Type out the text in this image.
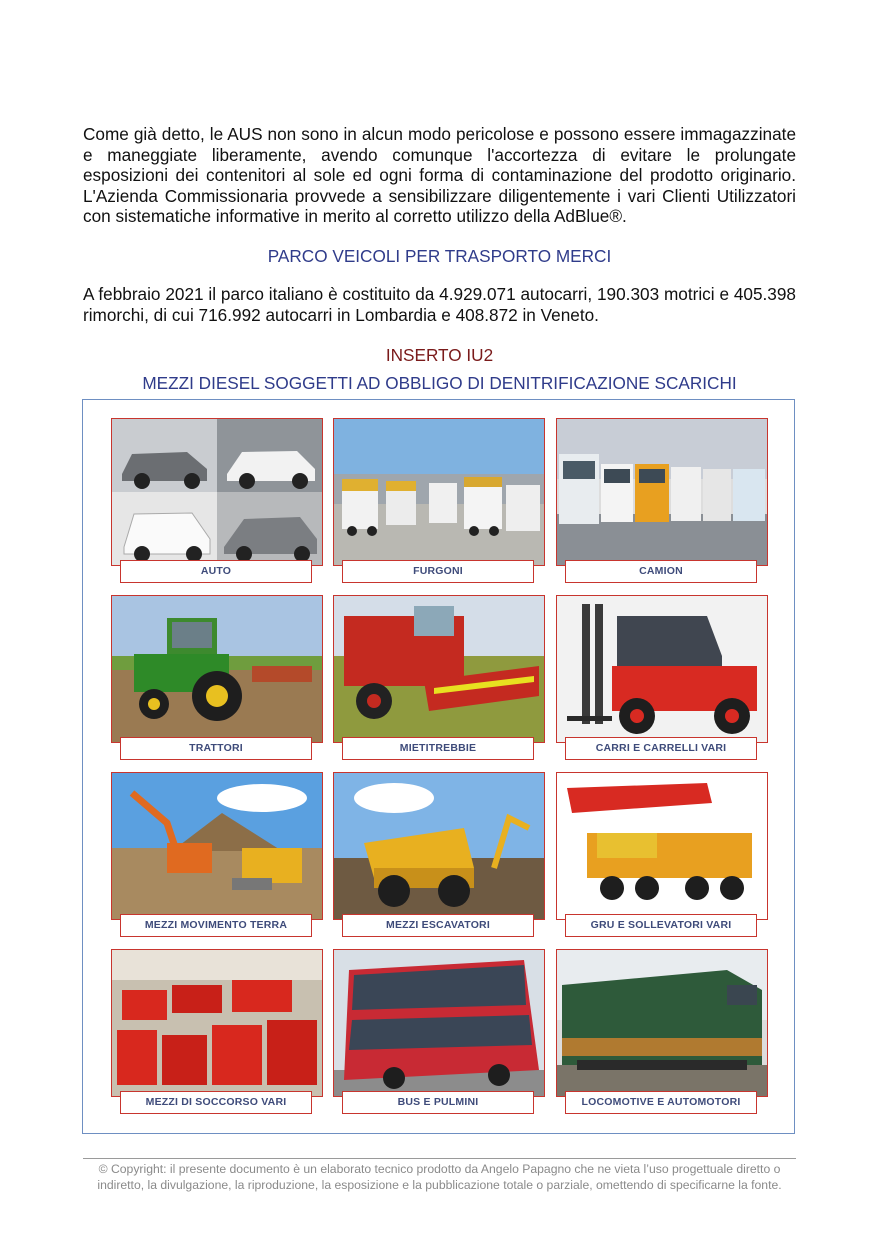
Come già detto, le AUS non sono in alcun modo pericolose e possono essere immagazzinate e maneggiate liberamente, avendo comunque l'accortezza di evitare le prolungate esposizioni dei contenitori al sole ed ogni forma di contaminazione del prodotto originario. L'Azienda Commissionaria provvede a sensibilizzare diligentemente i vari Clienti Utilizzatori con sistematiche informative in merito al corretto utilizzo della AdBlue®.

PARCO VEICOLI PER TRASPORTO MERCI

A febbraio 2021 il parco italiano è costituito da 4.929.071 autocarri, 190.303 motrici e 405.398 rimorchi, di cui 716.992 autocarri in Lombardia e 408.872 in Veneto.

INSERTO IU2

MEZZI DIESEL SOGGETTI AD OBBLIGO DI DENITRIFICAZIONE SCARICHI

AUTO	FURGONI	CAMION
TRATTORI	MIETITREBBIE	CARRI E CARRELLI VARI
MEZZI MOVIMENTO TERRA	MEZZI ESCAVATORI	GRU E SOLLEVATORI VARI
MEZZI DI SOCCORSO VARI	BUS E PULMINI	LOCOMOTIVE E AUTOMOTORI

© Copyright: il presente documento è un elaborato tecnico prodotto da Angelo Papagno che ne vieta l’uso progettuale diretto o indiretto, la divulgazione, la riproduzione, la esposizione e la pubblicazione totale o parziale, omettendo di specificarne la fonte.
